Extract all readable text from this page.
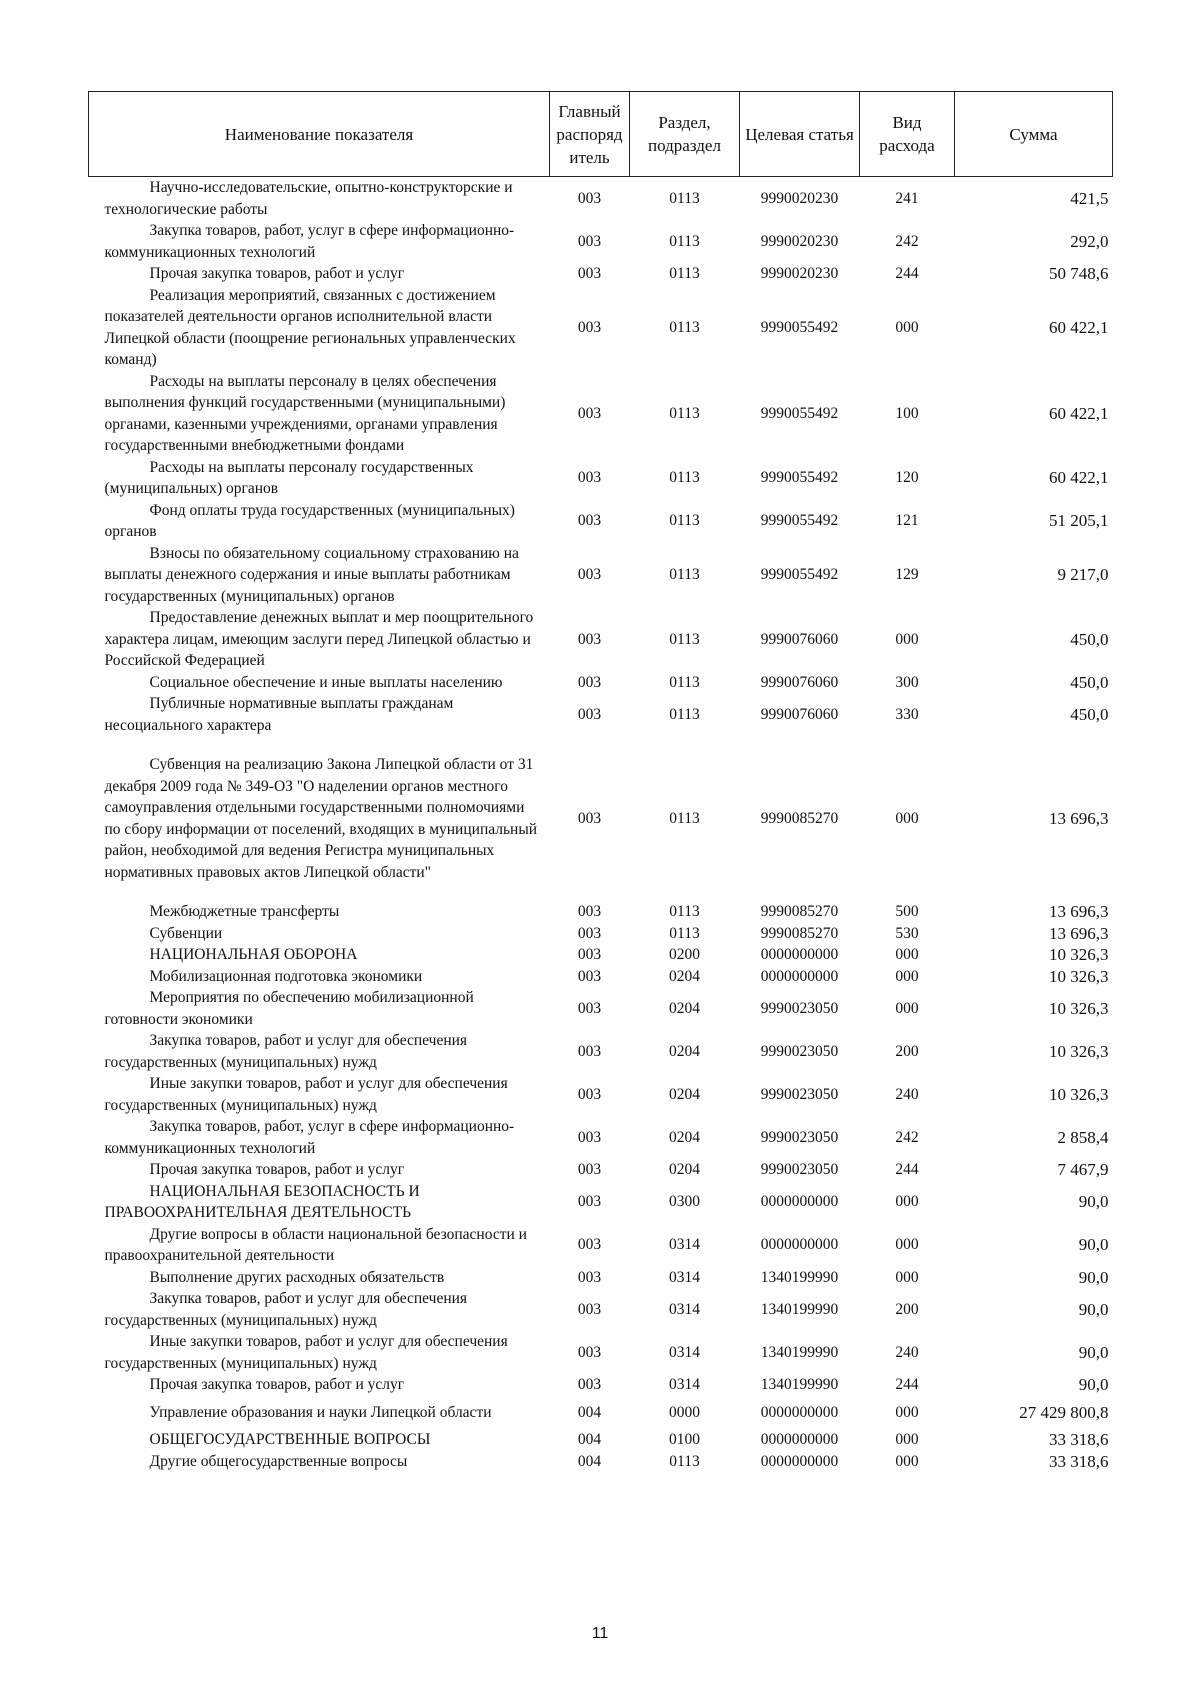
Наименование показателя	Главный распоряд итель	Раздел, подраздел	Целевая статья	Вид расхода	Сумма
Научно-исследовательские, опытно-конструкторские и технологические работы	003	0113	9990020230	241	421,5
Закупка товаров, работ, услуг в сфере информационно-коммуникационных технологий	003	0113	9990020230	242	292,0
Прочая закупка товаров, работ и услуг	003	0113	9990020230	244	50 748,6
Реализация мероприятий, связанных с достижением показателей деятельности органов исполнительной власти Липецкой области (поощрение региональных управленческих команд)	003	0113	9990055492	000	60 422,1
Расходы на выплаты персоналу в целях обеспечения выполнения функций государственными (муниципальными) органами, казенными учреждениями, органами управления государственными внебюджетными фондами	003	0113	9990055492	100	60 422,1
Расходы на выплаты персоналу государственных (муниципальных) органов	003	0113	9990055492	120	60 422,1
Фонд оплаты труда государственных (муниципальных) органов	003	0113	9990055492	121	51 205,1
Взносы по обязательному социальному страхованию на выплаты денежного содержания и иные выплаты работникам государственных (муниципальных) органов	003	0113	9990055492	129	9 217,0
Предоставление денежных выплат и мер поощрительного характера лицам, имеющим заслуги перед Липецкой областью и Российской Федерацией	003	0113	9990076060	000	450,0
Социальное обеспечение и иные выплаты населению	003	0113	9990076060	300	450,0
Публичные нормативные выплаты гражданам несоциального характера	003	0113	9990076060	330	450,0
Субвенция на реализацию Закона Липецкой области от 31 декабря 2009 года № 349-ОЗ "О наделении органов местного самоуправления отдельными государственными полномочиями по сбору информации от поселений, входящих в муниципальный район, необходимой для ведения Регистра муниципальных нормативных правовых актов Липецкой области"	003	0113	9990085270	000	13 696,3
Межбюджетные трансферты	003	0113	9990085270	500	13 696,3
Субвенции	003	0113	9990085270	530	13 696,3
НАЦИОНАЛЬНАЯ ОБОРОНА	003	0200	0000000000	000	10 326,3
Мобилизационная подготовка экономики	003	0204	0000000000	000	10 326,3
Мероприятия по обеспечению мобилизационной готовности экономики	003	0204	9990023050	000	10 326,3
Закупка товаров, работ и услуг для обеспечения государственных (муниципальных) нужд	003	0204	9990023050	200	10 326,3
Иные закупки товаров, работ и услуг для обеспечения государственных (муниципальных) нужд	003	0204	9990023050	240	10 326,3
Закупка товаров, работ, услуг в сфере информационно-коммуникационных технологий	003	0204	9990023050	242	2 858,4
Прочая закупка товаров, работ и услуг	003	0204	9990023050	244	7 467,9
НАЦИОНАЛЬНАЯ БЕЗОПАСНОСТЬ И ПРАВООХРАНИТЕЛЬНАЯ ДЕЯТЕЛЬНОСТЬ	003	0300	0000000000	000	90,0
Другие вопросы в области национальной безопасности и правоохранительной деятельности	003	0314	0000000000	000	90,0
Выполнение других расходных обязательств	003	0314	1340199990	000	90,0
Закупка товаров, работ и услуг для обеспечения государственных (муниципальных) нужд	003	0314	1340199990	200	90,0
Иные закупки товаров, работ и услуг для обеспечения государственных (муниципальных) нужд	003	0314	1340199990	240	90,0
Прочая закупка товаров, работ и услуг	003	0314	1340199990	244	90,0
Управление образования и науки Липецкой области	004	0000	0000000000	000	27 429 800,8
ОБЩЕГОСУДАРСТВЕННЫЕ ВОПРОСЫ	004	0100	0000000000	000	33 318,6
Другие общегосударственные вопросы	004	0113	0000000000	000	33 318,6
11
